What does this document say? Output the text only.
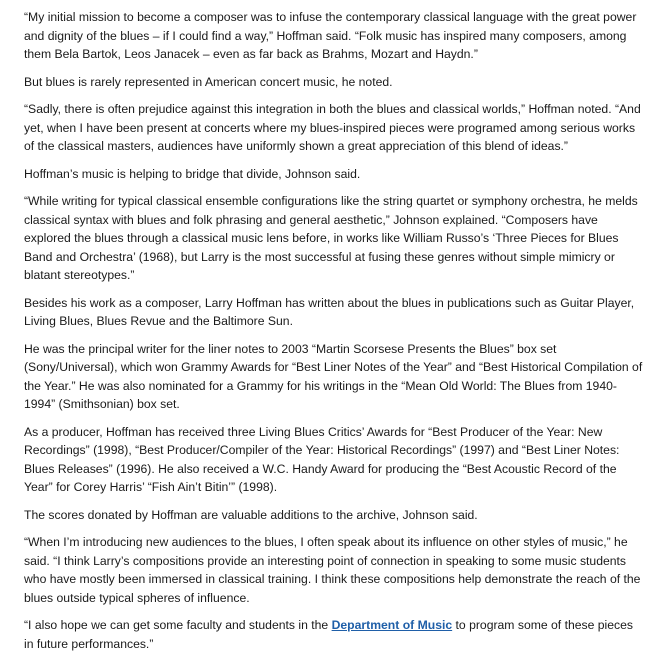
“My initial mission to become a composer was to infuse the contemporary classical language with the great power and dignity of the blues – if I could find a way,” Hoffman said. “Folk music has inspired many composers, among them Bela Bartok, Leos Janacek – even as far back as Brahms, Mozart and Haydn.”

But blues is rarely represented in American concert music, he noted.

“Sadly, there is often prejudice against this integration in both the blues and classical worlds,” Hoffman noted. “And yet, when I have been present at concerts where my blues-inspired pieces were programed among serious works of the classical masters, audiences have uniformly shown a great appreciation of this blend of ideas.”

Hoffman’s music is helping to bridge that divide, Johnson said.

“While writing for typical classical ensemble configurations like the string quartet or symphony orchestra, he melds classical syntax with blues and folk phrasing and general aesthetic,” Johnson explained. “Composers have explored the blues through a classical music lens before, in works like William Russo’s ‘Three Pieces for Blues Band and Orchestra’ (1968), but Larry is the most successful at fusing these genres without simple mimicry or blatant stereotypes.”

Besides his work as a composer, Larry Hoffman has written about the blues in publications such as Guitar Player, Living Blues, Blues Revue and the Baltimore Sun.

He was the principal writer for the liner notes to 2003 “Martin Scorsese Presents the Blues” box set (Sony/Universal), which won Grammy Awards for “Best Liner Notes of the Year” and “Best Historical Compilation of the Year.” He was also nominated for a Grammy for his writings in the “Mean Old World: The Blues from 1940-1994” (Smithsonian) box set.

As a producer, Hoffman has received three Living Blues Critics’ Awards for “Best Producer of the Year: New Recordings” (1998), “Best Producer/Compiler of the Year: Historical Recordings” (1997) and “Best Liner Notes: Blues Releases” (1996). He also received a W.C. Handy Award for producing the “Best Acoustic Record of the Year” for Corey Harris’ “Fish Ain’t Bitin’” (1998).

The scores donated by Hoffman are valuable additions to the archive, Johnson said.

“When I’m introducing new audiences to the blues, I often speak about its influence on other styles of music,” he said. “I think Larry’s compositions provide an interesting point of connection in speaking to some music students who have mostly been immersed in classical training. I think these compositions help demonstrate the reach of the blues outside typical spheres of influence.

“I also hope we can get some faculty and students in the Department of Music to program some of these pieces in future performances.”
